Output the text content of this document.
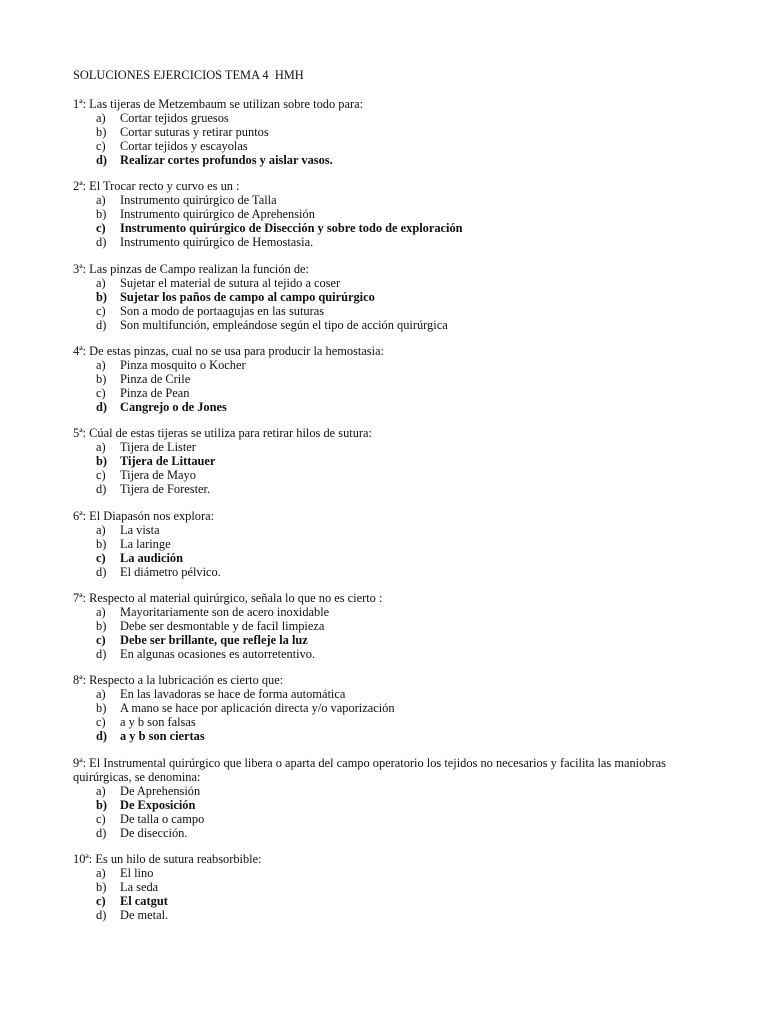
SOLUCIONES EJERCICIOS TEMA 4  HMH
1ª: Las tijeras de Metzembaum se utilizan sobre todo para:
a)	Cortar tejidos gruesos
b)	Cortar suturas y retirar puntos
c)	Cortar tejidos y escayolas
d)	Realizar cortes profundos y aislar vasos.
2ª: El Trocar recto y curvo es un :
a)	Instrumento quirúrgico de Talla
b)	Instrumento quirúrgico de Aprehensión
c)	Instrumento quirúrgico de Disección y sobre todo de exploración
d)	Instrumento quirúrgico de Hemostasia.
3ª: Las pinzas de Campo realizan la función de:
a)	Sujetar el material de sutura al tejido a coser
b)	Sujetar los paños de campo al campo quirúrgico
c)	Son a modo de portaagujas en las suturas
d)	Son multifunción, empleándose según el tipo de acción quirúrgica
4ª: De estas pinzas, cual no se usa para producir la hemostasia:
a)	Pinza mosquito o Kocher
b)	Pinza de Crile
c)	Pinza de Pean
d)	Cangrejo o de Jones
5ª: Cúal de estas tijeras se utiliza para retirar hilos de sutura:
a)	Tijera de Lister
b)	Tijera de Littauer
c)	Tijera de Mayo
d)	Tijera de Forester.
6ª: El Diapasón nos explora:
a)	La vista
b)	La laringe
c)	La audición
d)	El diámetro pélvico.
7ª: Respecto al material quirúrgico, señala lo que no es cierto :
a)	Mayoritariamente son de acero inoxidable
b)	Debe ser desmontable y de facil limpieza
c)	Debe ser brillante, que refleje la luz
d)	En algunas ocasiones es autorretentivo.
8ª: Respecto a la lubricación es cierto que:
a)	En las lavadoras se hace de forma automática
b)	A mano se hace por aplicación directa y/o vaporización
c)	a y b son falsas
d)	a y b son ciertas
9ª: El Instrumental quirúrgico que libera o aparta del campo operatorio los tejidos no necesarios y facilita las maniobras quirúrgicas, se denomina:
a)	De Aprehensión
b)	De Exposición
c)	De talla o campo
d)	De disección.
10ª: Es un hilo de sutura reabsorbible:
a)	El lino
b)	La seda
c)	El catgut
d)	De metal.
